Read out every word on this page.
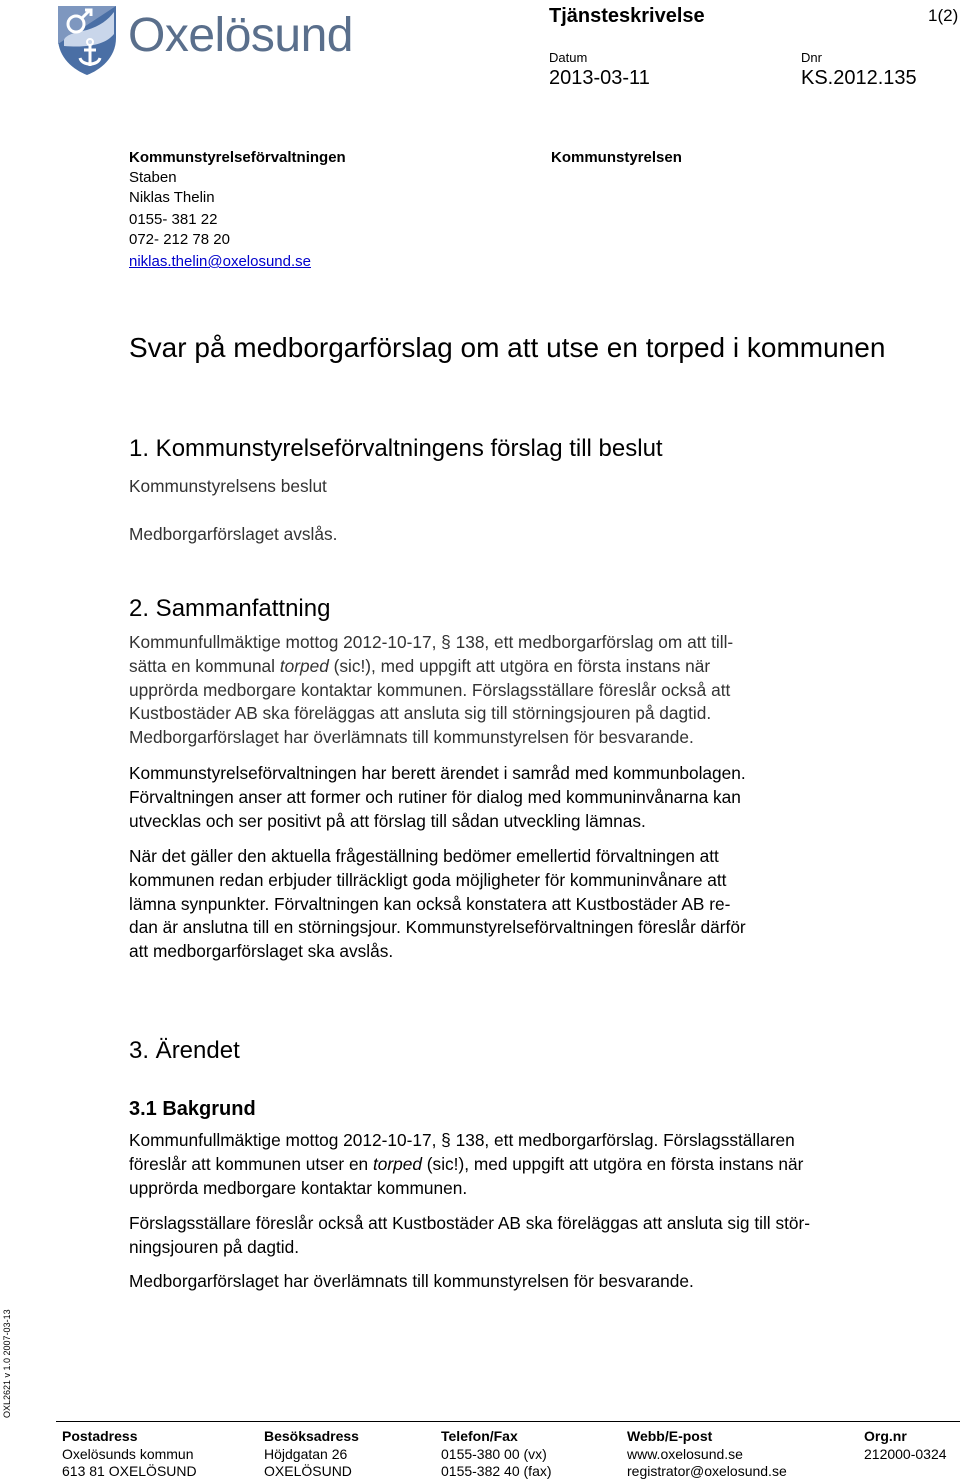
Oxelösund	Tjänsteskrivelse	1(2)
Datum
2013-03-11
Dnr
KS.2012.135
Kommunstyrelseförvaltningen
Staben
Niklas Thelin
0155- 381 22
072- 212 78 20
niklas.thelin@oxelosund.se
Kommunstyrelsen
Svar på medborgarförslag om att utse en torped i kommunen
1. Kommunstyrelseförvaltningens förslag till beslut
Kommunstyrelsens beslut
Medborgarförslaget avslås.
2. Sammanfattning
Kommunfullmäktige mottog 2012-10-17, § 138, ett medborgarförslag om att till-
sätta en kommunal torped (sic!), med uppgift att utgöra en första instans när
upprörda medborgare kontaktar kommunen. Förslagsställare föreslår också att
Kustbostäder AB ska föreläggas att ansluta sig till störningsjouren på dagtid.
Medborgarförslaget har överlämnats till kommunstyrelsen för besvarande.
Kommunstyrelseförvaltningen har berett ärendet i samråd med kommunbolagen.
Förvaltningen anser att former och rutiner för dialog med kommuninvånarna kan
utvecklas och ser positivt på att förslag till sådan utveckling lämnas.
När det gäller den aktuella frågeställning bedömer emellertid förvaltningen att
kommunen redan erbjuder tillräckligt goda möjligheter för kommuninvånare att
lämna synpunkter. Förvaltningen kan också konstatera att Kustbostäder AB re-
dan är anslutna till en störningsjour. Kommunstyrelseförvaltningen föreslår därför
att medborgarförslaget ska avslås.
3. Ärendet
3.1 Bakgrund
Kommunfullmäktige mottog 2012-10-17, § 138, ett medborgarförslag. Förslagsställaren
föreslår att kommunen utser en torped (sic!), med uppgift att utgöra en första instans när
upprörda medborgare kontaktar kommunen.
Förslagsställare föreslår också att Kustbostäder AB ska föreläggas att ansluta sig till stör-
ningsjouren på dagtid.
Medborgarförslaget har överlämnats till kommunstyrelsen för besvarande.
OXL2621 v 1.0 2007-03-13
Postadress
Oxelösunds kommun
613 81 OXELÖSUND
Besöksadress
Höjdgatan 26
OXELÖSUND
Telefon/Fax
0155-380 00 (vx)
0155-382 40 (fax)
Webb/E-post
www.oxelosund.se
registrator@oxelosund.se
Org.nr
212000-0324
